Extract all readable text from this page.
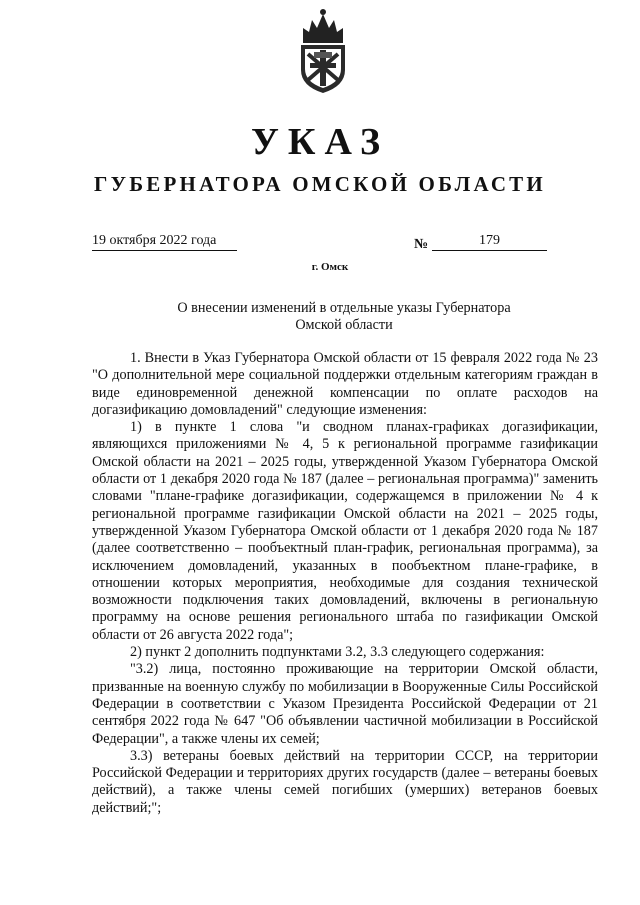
УКАЗ
ГУБЕРНАТОРА ОМСКОЙ ОБЛАСТИ
19 октября 2022 года	№	179
г. Омск
О внесении изменений в отдельные указы Губернатора
Омской области

1. Внести в Указ Губернатора Омской области от 15 февраля 2022 года № 23 "О дополнительной мере социальной поддержки отдельным категориям граждан в виде единовременной денежной компенсации по оплате расходов на догазификацию домовладений" следующие изменения:

1) в пункте 1 слова "и сводном планах-графиках догазификации, являющихся приложениями № 4, 5 к региональной программе газификации Омской области на 2021 – 2025 годы, утвержденной Указом Губернатора Омской области от 1 декабря 2020 года № 187 (далее – региональная программа)" заменить словами "плане-графике догазификации, содержащемся в приложении № 4 к региональной программе газификации Омской области на 2021 – 2025 годы, утвержденной Указом Губернатора Омской области от 1 декабря 2020 года № 187 (далее соответственно – пообъектный план-график, региональная программа), за исключением домовладений, указанных в пообъектном плане-графике, в отношении которых мероприятия, необходимые для создания технической возможности подключения таких домовладений, включены в региональную программу на основе решения регионального штаба по газификации Омской области от 26 августа 2022 года";

2) пункт 2 дополнить подпунктами 3.2, 3.3 следующего содержания:

"3.2) лица, постоянно проживающие на территории Омской области, призванные на военную службу по мобилизации в Вооруженные Силы Российской Федерации в соответствии с Указом Президента Российской Федерации от 21 сентября 2022 года № 647 "Об объявлении частичной мобилизации в Российской Федерации", а также члены их семей;

3.3) ветераны боевых действий на территории СССР, на территории Российской Федерации и территориях других государств (далее – ветераны боевых действий), а также члены семей погибших (умерших) ветеранов боевых действий;";
